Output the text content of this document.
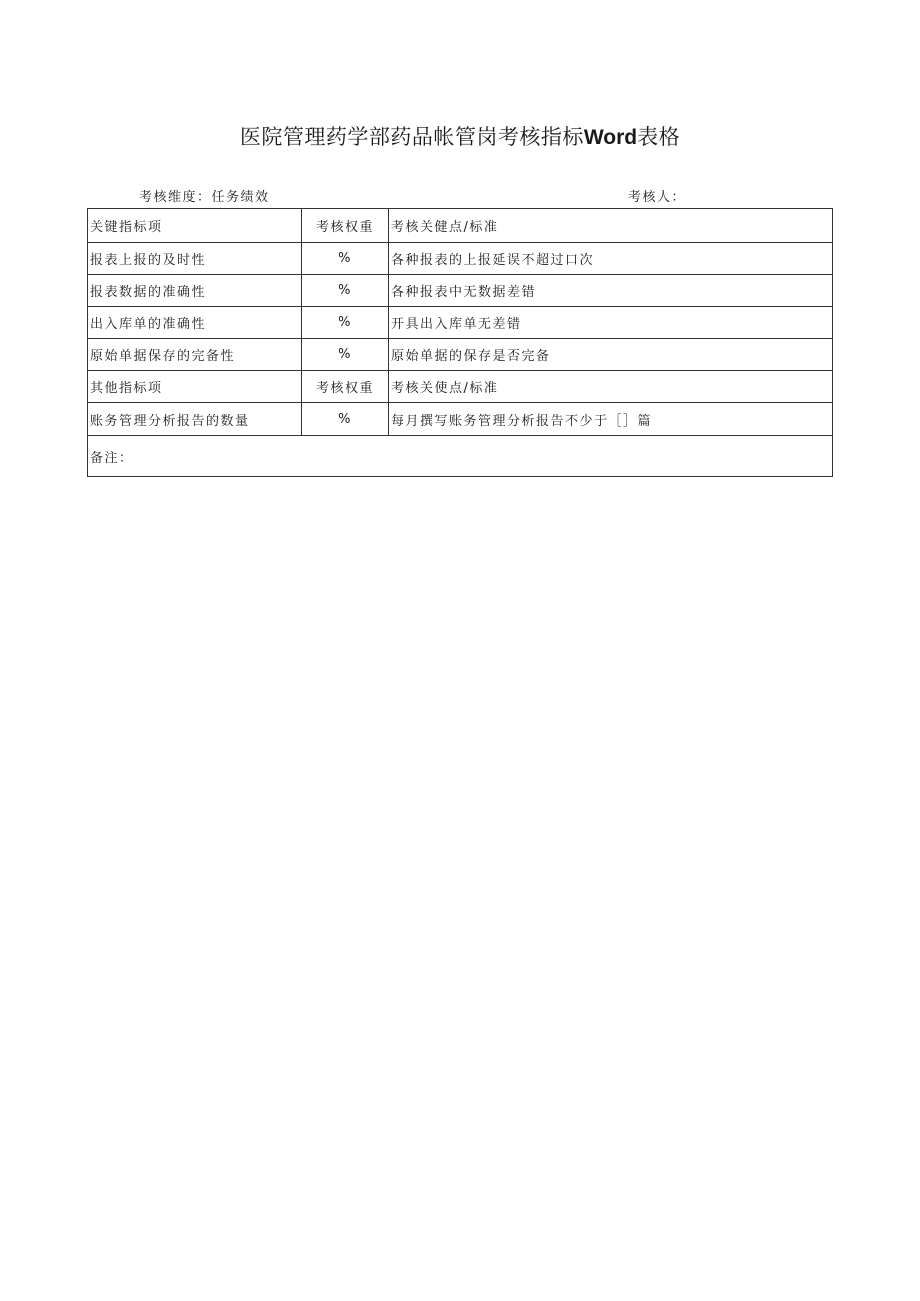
医院管理药学部药品帐管岗考核指标Word表格
考核维度：任务绩效	考核人：
关键指标项	考核权重	考核关健点/标准
报表上报的及时性	%	各种报表的上报延误不超过口次
报表数据的准确性	%	各种报表中无数据差错
出入库单的准确性	%	开具出入库单无差错
原始单据保存的完备性	%	原始单据的保存是否完备
其他指标项	考核权重	考核关使点/标准
账务管理分析报告的数量	%	每月撰写账务管理分析报告不少于［］篇
备注：		
